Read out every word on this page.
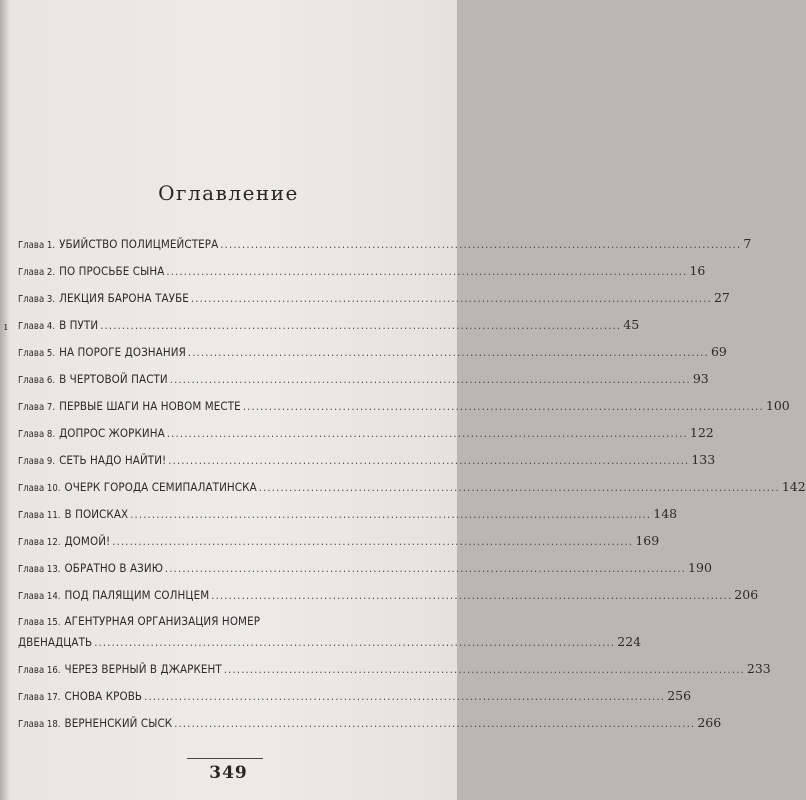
ı
Оглавление
Глава 1. УБИЙСТВО ПОЛИЦМЕЙСТЕРА ........................................................................................................................ 7
Глава 2. ПО ПРОСЬБЕ СЫНА ........................................................................................................................ 16
Глава 3. ЛЕКЦИЯ БАРОНА ТАУБЕ ........................................................................................................................ 27
Глава 4. В ПУТИ ........................................................................................................................ 45
Глава 5. НА ПОРОГЕ ДОЗНАНИЯ ........................................................................................................................ 69
Глава 6. В ЧЕРТОВОЙ ПАСТИ ........................................................................................................................ 93
Глава 7. ПЕРВЫЕ ШАГИ НА НОВОМ МЕСТЕ ........................................................................................................................ 100
Глава 8. ДОПРОС ЖОРКИНА ........................................................................................................................ 122
Глава 9. СЕТЬ НАДО НАЙТИ! ........................................................................................................................ 133
Глава 10. ОЧЕРК ГОРОДА СЕМИПАЛАТИНСКА ........................................................................................................................ 142
Глава 11. В ПОИСКАХ ........................................................................................................................ 148
Глава 12. ДОМОЙ! ........................................................................................................................ 169
Глава 13. ОБРАТНО В АЗИЮ ........................................................................................................................ 190
Глава 14. ПОД ПАЛЯЩИМ СОЛНЦЕМ ........................................................................................................................ 206
Глава 15. АГЕНТУРНАЯ ОРГАНИЗАЦИЯ НОМЕР
ДВЕНАДЦАТЬ ........................................................................................................................ 224
Глава 16. ЧЕРЕЗ ВЕРНЫЙ В ДЖАРКЕНТ ........................................................................................................................ 233
Глава 17. СНОВА КРОВЬ ........................................................................................................................ 256
Глава 18. ВЕРНЕНСКИЙ СЫСК ........................................................................................................................ 266
349
